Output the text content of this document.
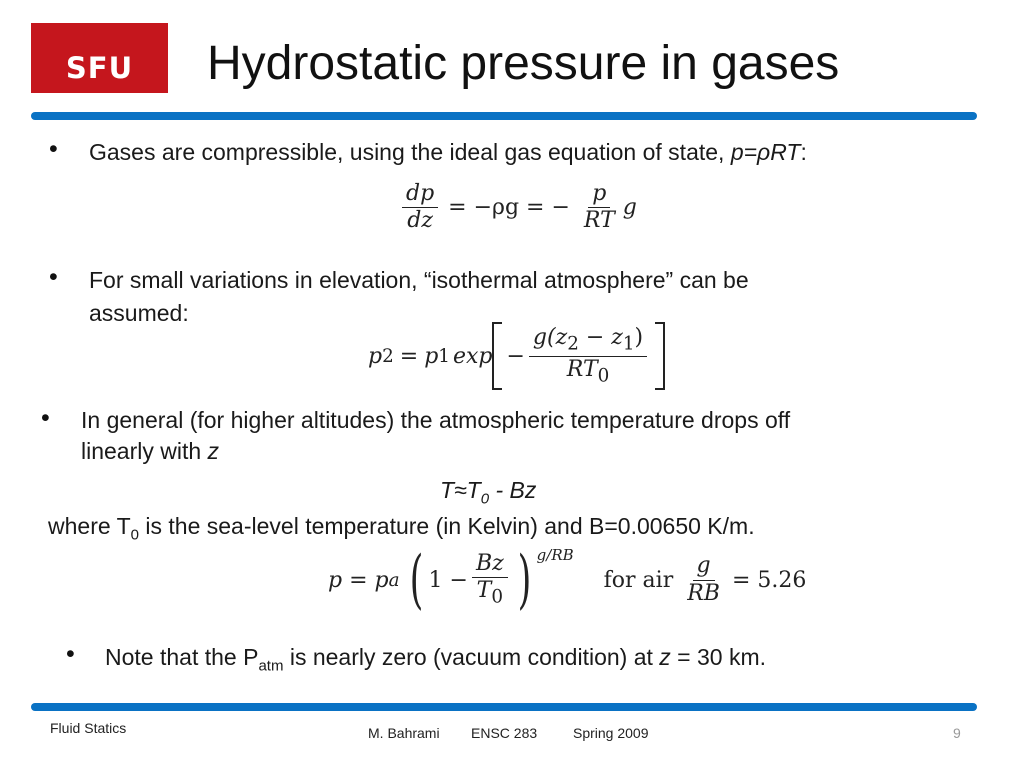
SFU Hydrostatic pressure in gases
• Gases are compressible, using the ideal gas equation of state, p=ρRT:
$\frac{dp}{dz} = -\rho g$ = − $\frac{p}{RT}$ g
• For small variations in elevation, “isothermal atmosphere” can be
assumed:
p 2 = p 1 $\exp - \frac{g(z_2 - z_1)}{RT_0}$
• In general (for higher altitudes) the atmospheric temperature drops off
linearly with z
$T\approx T_0 - Bz$
where $T_0$ is the sea-level temperature (in Kelvin) and B=0.00650 K/m.
p = p a ( $1 - \frac{Bz}{T_0}$ ) $^{g/RB}$
for air $\frac{g}{RB} = 5.26$
• Note that the $P_{atm}$ is nearly zero (vacuum condition) at z = 30 km.
Fluid Statics	M. Bahrami ENSC 283	Spring 2009	9
